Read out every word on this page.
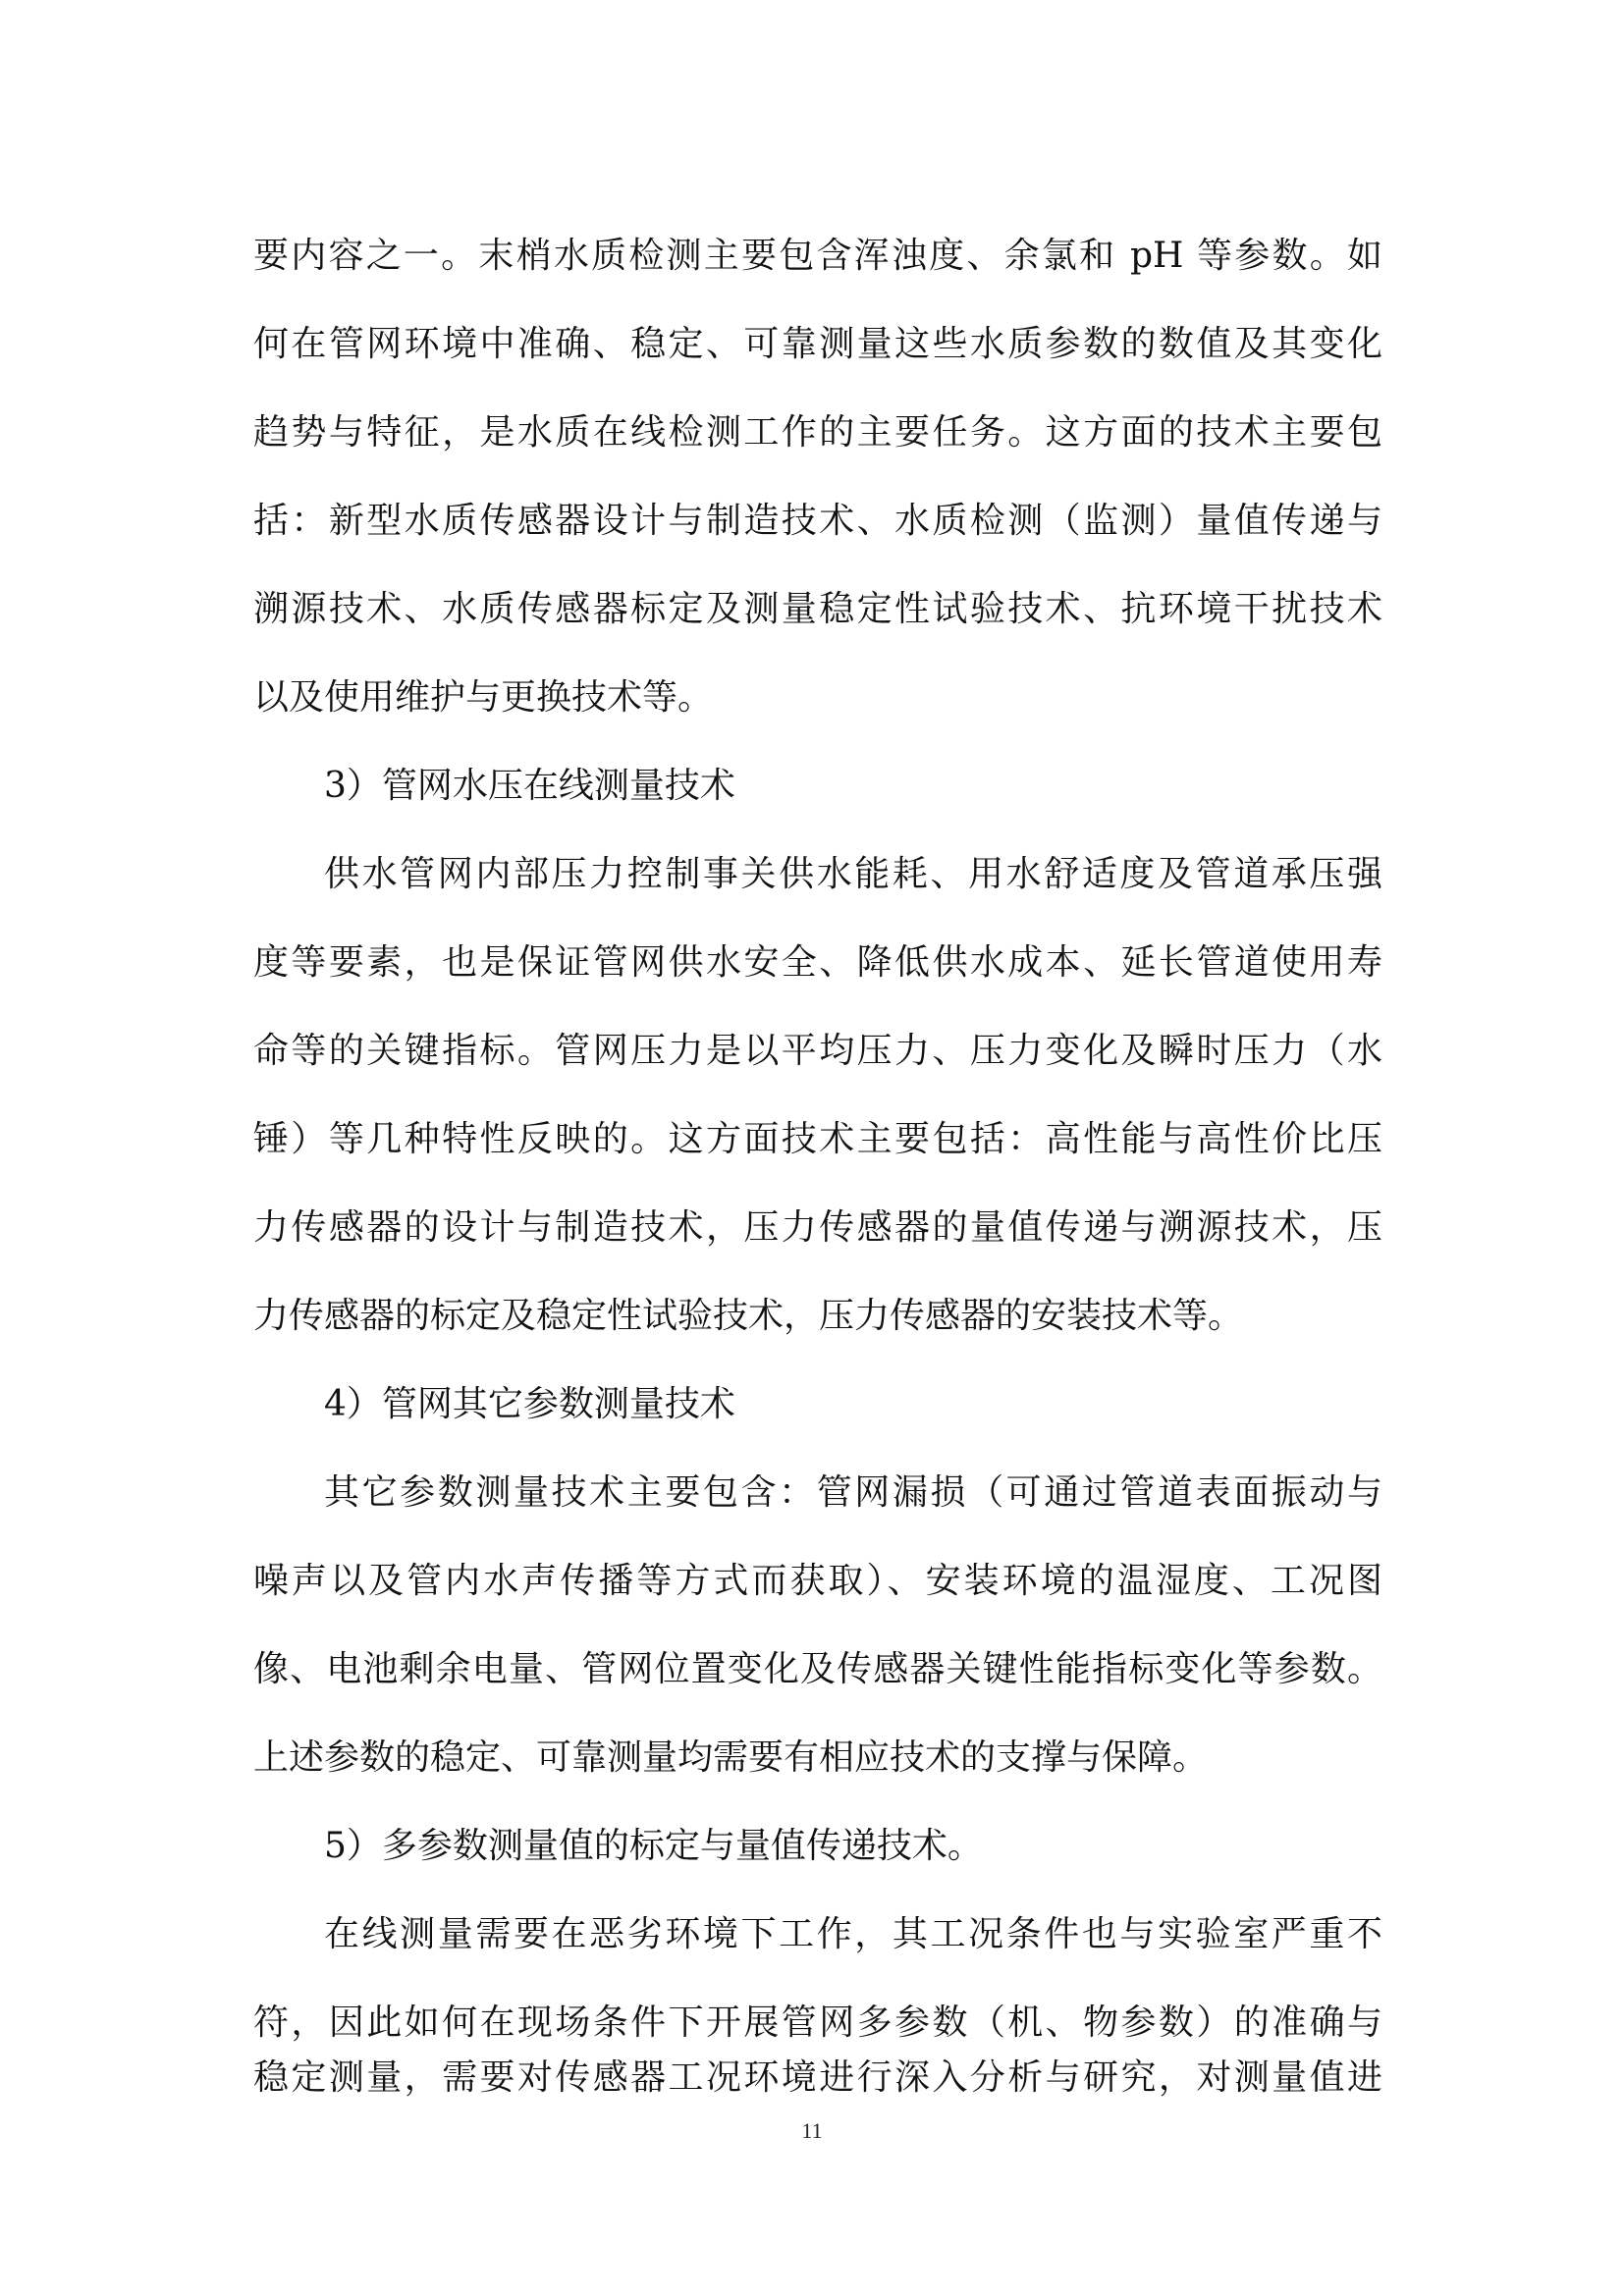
要内容之一。末梢水质检测主要包含浑浊度、余氯和 pH 等参数。如
何在管网环境中准确、稳定、可靠测量这些水质参数的数值及其变化
趋势与特征，是水质在线检测工作的主要任务。这方面的技术主要包
括：新型水质传感器设计与制造技术、水质检测（监测）量值传递与
溯源技术、水质传感器标定及测量稳定性试验技术、抗环境干扰技术
以及使用维护与更换技术等。
3）管网水压在线测量技术
供水管网内部压力控制事关供水能耗、用水舒适度及管道承压强
度等要素，也是保证管网供水安全、降低供水成本、延长管道使用寿
命等的关键指标。管网压力是以平均压力、压力变化及瞬时压力（水
锤）等几种特性反映的。这方面技术主要包括：高性能与高性价比压
力传感器的设计与制造技术，压力传感器的量值传递与溯源技术，压
力传感器的标定及稳定性试验技术，压力传感器的安装技术等。
4）管网其它参数测量技术
其它参数测量技术主要包含：管网漏损（可通过管道表面振动与
噪声以及管内水声传播等方式而获取）、安装环境的温湿度、工况图
像、电池剩余电量、管网位置变化及传感器关键性能指标变化等参数。
上述参数的稳定、可靠测量均需要有相应技术的支撑与保障。
5）多参数测量值的标定与量值传递技术。
在线测量需要在恶劣环境下工作，其工况条件也与实验室严重不
符，因此如何在现场条件下开展管网多参数（机、物参数）的准确与
稳定测量，需要对传感器工况环境进行深入分析与研究，对测量值进
11
